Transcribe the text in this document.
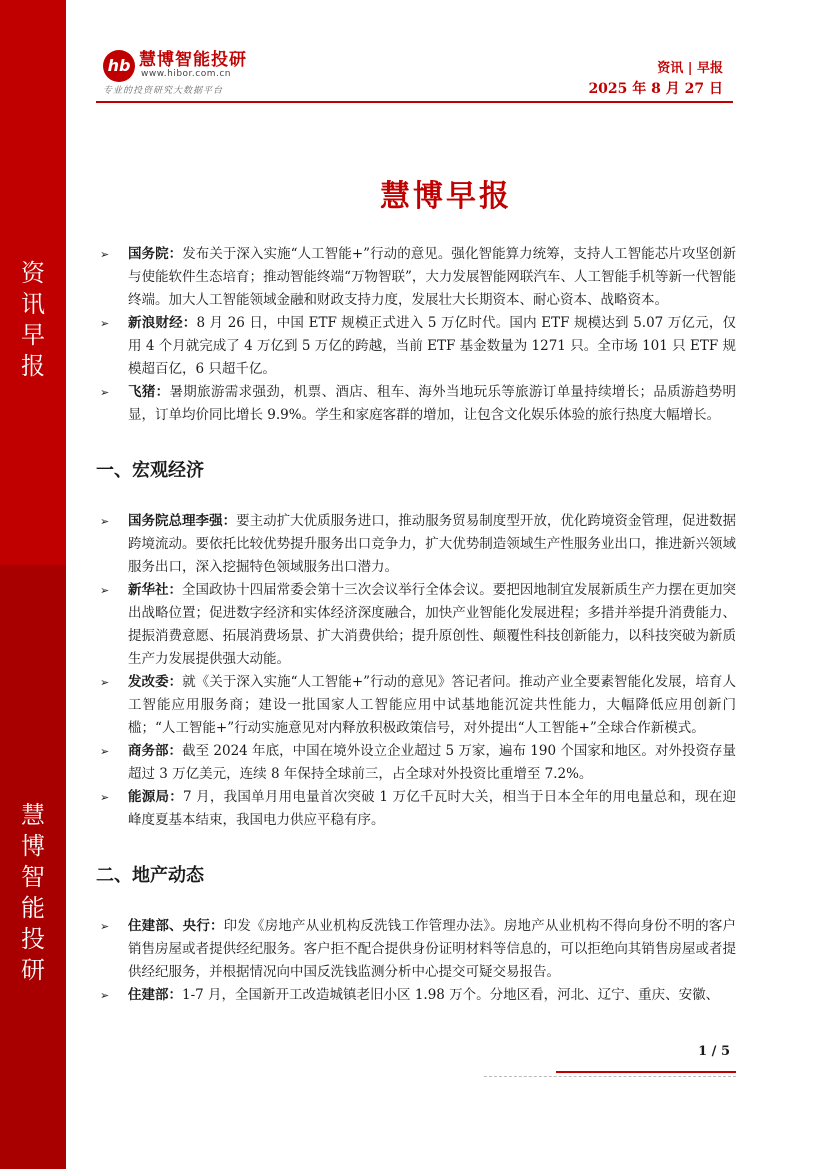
资
讯
早
报
慧
博
智
能
投
研
hb 慧博智能投研
www.hibor.com.cn
专业的投资研究大数据平台
资讯 | 早报
2025 年 8 月 27 日
慧博早报
➢ 国务院：发布关于深入实施“人工智能+”行动的意见。强化智能算力统筹，支持人工智能芯片攻坚创新与使能软件生态培育；推动智能终端“万物智联”，大力发展智能网联汽车、人工智能手机等新一代智能终端。加大人工智能领域金融和财政支持力度，发展壮大长期资本、耐心资本、战略资本。
➢ 新浪财经：8 月 26 日，中国 ETF 规模正式进入 5 万亿时代。国内 ETF 规模达到 5.07 万亿元，仅用 4 个月就完成了 4 万亿到 5 万亿的跨越，当前 ETF 基金数量为 1271 只。全市场 101 只 ETF 规模超百亿，6 只超千亿。
➢ 飞猪：暑期旅游需求强劲，机票、酒店、租车、海外当地玩乐等旅游订单量持续增长；品质游趋势明显，订单均价同比增长 9.9%。学生和家庭客群的增加，让包含文化娱乐体验的旅行热度大幅增长。
一、宏观经济
➢ 国务院总理李强：要主动扩大优质服务进口，推动服务贸易制度型开放，优化跨境资金管理，促进数据跨境流动。要依托比较优势提升服务出口竞争力，扩大优势制造领域生产性服务业出口，推进新兴领域服务出口，深入挖掘特色领域服务出口潜力。
➢ 新华社：全国政协十四届常委会第十三次会议举行全体会议。要把因地制宜发展新质生产力摆在更加突出战略位置；促进数字经济和实体经济深度融合，加快产业智能化发展进程；多措并举提升消费能力、提振消费意愿、拓展消费场景、扩大消费供给；提升原创性、颠覆性科技创新能力，以科技突破为新质生产力发展提供强大动能。
➢ 发改委：就《关于深入实施“人工智能+”行动的意见》答记者问。推动产业全要素智能化发展，培育人工智能应用服务商；建设一批国家人工智能应用中试基地能沉淀共性能力，大幅降低应用创新门槛；“人工智能+”行动实施意见对内释放积极政策信号，对外提出“人工智能+”全球合作新模式。
➢ 商务部：截至 2024 年底，中国在境外设立企业超过 5 万家，遍布 190 个国家和地区。对外投资存量超过 3 万亿美元，连续 8 年保持全球前三，占全球对外投资比重增至 7.2%。
➢ 能源局：7 月，我国单月用电量首次突破 1 万亿千瓦时大关，相当于日本全年的用电量总和，现在迎峰度夏基本结束，我国电力供应平稳有序。
二、地产动态
➢ 住建部、央行：印发《房地产从业机构反洗钱工作管理办法》。房地产从业机构不得向身份不明的客户销售房屋或者提供经纪服务。客户拒不配合提供身份证明材料等信息的，可以拒绝向其销售房屋或者提供经纪服务，并根据情况向中国反洗钱监测分析中心提交可疑交易报告。
➢ 住建部：1-7 月，全国新开工改造城镇老旧小区 1.98 万个。分地区看，河北、辽宁、重庆、安徽、
1 / 5
